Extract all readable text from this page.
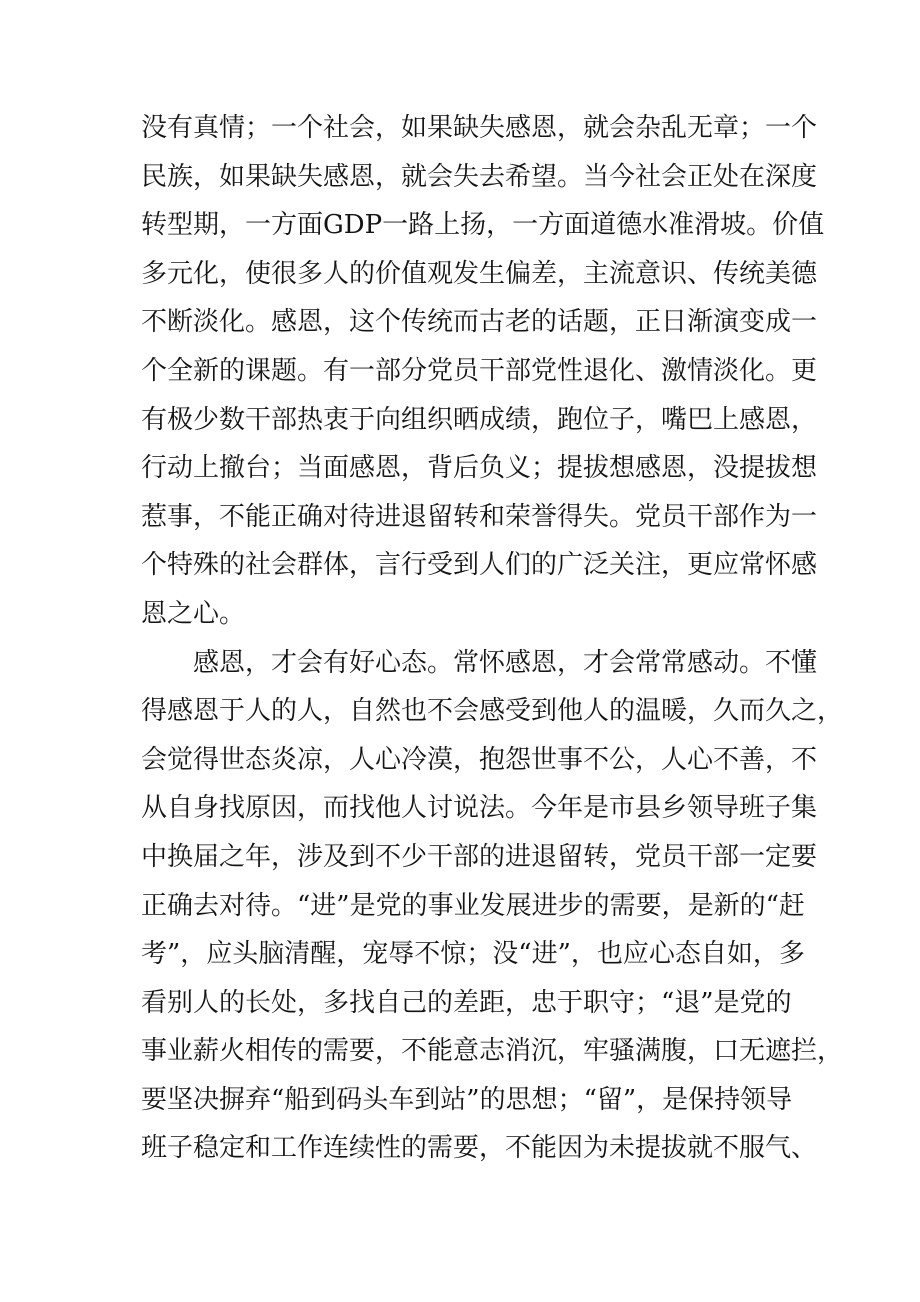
没有真情；一个社会，如果缺失感恩，就会杂乱无章；一个
民族，如果缺失感恩，就会失去希望。当今社会正处在深度
转型期，一方面GDP一路上扬，一方面道德水准滑坡。价值
多元化，使很多人的价值观发生偏差，主流意识、传统美德
不断淡化。感恩，这个传统而古老的话题，正日渐演变成一
个全新的课题。有一部分党员干部党性退化、激情淡化。更
有极少数干部热衷于向组织晒成绩，跑位子，嘴巴上感恩，
行动上撤台；当面感恩，背后负义；提拔想感恩，没提拔想
惹事，不能正确对待进退留转和荣誉得失。党员干部作为一
个特殊的社会群体，言行受到人们的广泛关注，更应常怀感
恩之心。
感恩，才会有好心态。常怀感恩，才会常常感动。不懂
得感恩于人的人，自然也不会感受到他人的温暖，久而久之，
会觉得世态炎凉，人心冷漠，抱怨世事不公，人心不善，不
从自身找原因，而找他人讨说法。今年是市县乡领导班子集
中换届之年，涉及到不少干部的进退留转，党员干部一定要
正确去对待。“进”是党的事业发展进步的需要，是新的“赶
考”，应头脑清醒，宠辱不惊；没“进”，也应心态自如，多
看别人的长处，多找自己的差距，忠于职守；“退”是党的
事业薪火相传的需要，不能意志消沉，牢骚满腹，口无遮拦，
要坚决摒弃“船到码头车到站”的思想；“留”，是保持领导
班子稳定和工作连续性的需要，不能因为未提拔就不服气、
